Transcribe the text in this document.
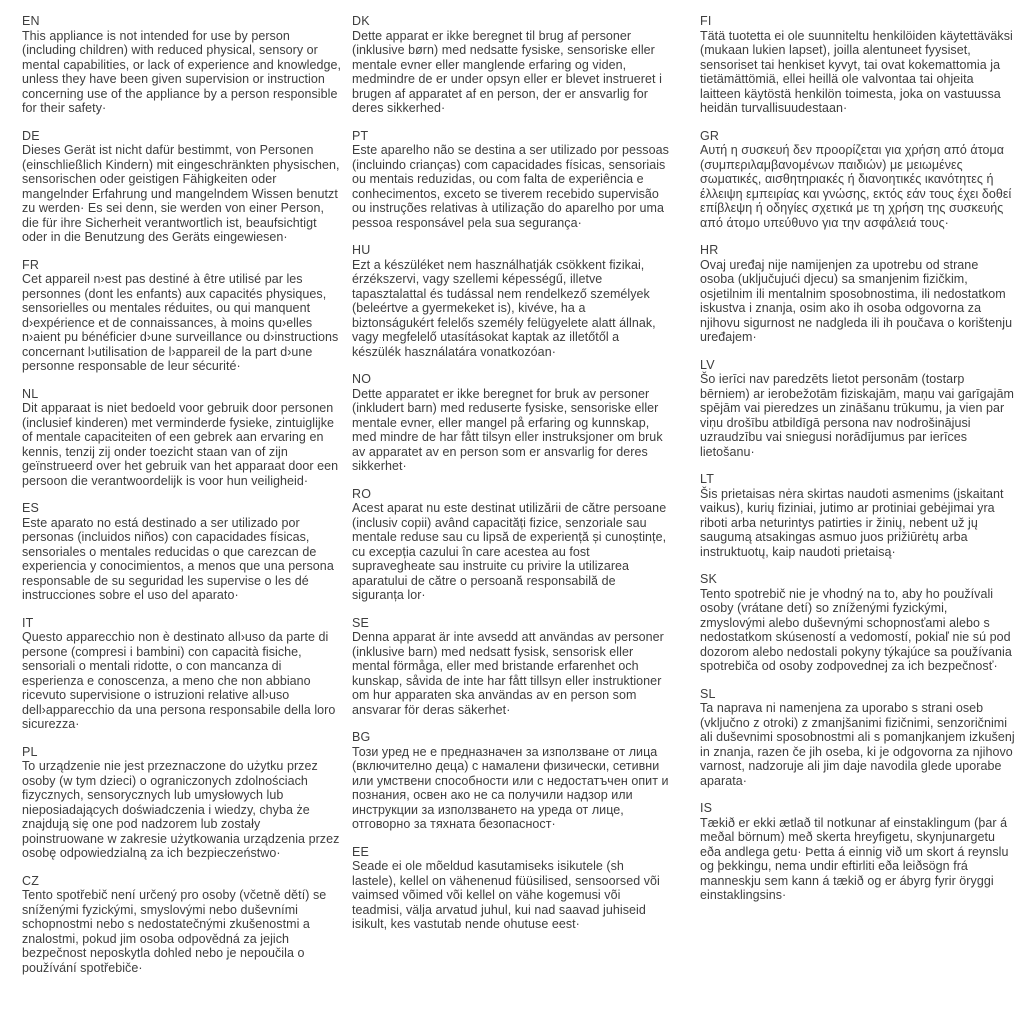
EN
This appliance is not intended for use by person (including children) with reduced physical, sensory or mental capabilities, or lack of experience and knowledge, unless they have been given supervision or instruction concerning use of the appliance by a person responsible for their safety·
DE
Dieses Gerät ist nicht dafür bestimmt, von Personen (einschließlich Kindern) mit eingeschränkten physischen, sensorischen oder geistigen Fähigkeiten oder mangelnder Erfahrung und mangelndem Wissen benutzt zu werden· Es sei denn, sie werden von einer Person, die für ihre Sicherheit verantwortlich ist, beaufsichtigt oder in die Benutzung des Geräts eingewiesen·
FR
Cet appareil n›est pas destiné à être utilisé par les personnes (dont les enfants) aux capacités physiques, sensorielles ou mentales réduites, ou qui manquent d›expérience et de connaissances, à moins qu›elles n›aient pu bénéficier d›une surveillance ou d›instructions concernant l›utilisation de l›appareil de la part d›une personne responsable de leur sécurité·
NL
Dit apparaat is niet bedoeld voor gebruik door personen (inclusief kinderen) met verminderde fysieke, zintuiglijke of mentale capaciteiten of een gebrek aan ervaring en kennis, tenzij zij onder toezicht staan van of zijn geïnstrueerd over het gebruik van het apparaat door een persoon die verantwoordelijk is voor hun veiligheid·
ES
Este aparato no está destinado a ser utilizado por personas (incluidos niños) con capacidades físicas, sensoriales o mentales reducidas o que carezcan de experiencia y conocimientos, a menos que una persona responsable de su seguridad les supervise o les dé instrucciones sobre el uso del aparato·
IT
Questo apparecchio non è destinato all›uso da parte di persone (compresi i bambini) con capacità fisiche, sensoriali o mentali ridotte, o con mancanza di esperienza e conoscenza, a meno che non abbiano ricevuto supervisione o istruzioni relative all›uso dell›apparecchio da una persona responsabile della loro sicurezza·
PL
To urządzenie nie jest przeznaczone do użytku przez osoby (w tym dzieci) o ograniczonych zdolnościach fizycznych, sensorycznych lub umysłowych lub nieposiadających doświadczenia i wiedzy, chyba że znajdują się one pod nadzorem lub zostały poinstruowane w zakresie użytkowania urządzenia przez osobę odpowiedzialną za ich bezpieczeństwo·
CZ
Tento spotřebič není určený pro osoby (včetně dětí) se sníženými fyzickými, smyslovými nebo duševními schopnostmi nebo s nedostatečnými zkušenostmi a znalostmi, pokud jim osoba odpovědná za jejich bezpečnost neposkytla dohled nebo je nepoučila o používání spotřebiče·
DK
Dette apparat er ikke beregnet til brug af personer (inklusive børn) med nedsatte fysiske, sensoriske eller mentale evner eller manglende erfaring og viden, medmindre de er under opsyn eller er blevet instrueret i brugen af apparatet af en person, der er ansvarlig for deres sikkerhed·
PT
Este aparelho não se destina a ser utilizado por pessoas (incluindo crianças) com capacidades físicas, sensoriais ou mentais reduzidas, ou com falta de experiência e conhecimentos, exceto se tiverem recebido supervisão ou instruções relativas à utilização do aparelho por uma pessoa responsável pela sua segurança·
HU
Ezt a készüléket nem használhatják csökkent fizikai, érzékszervi, vagy szellemi képességű, illetve tapasztalattal és tudással nem rendelkező személyek (beleértve a gyermekeket is), kivéve, ha a biztonságukért felelős személy felügyelete alatt állnak, vagy megfelelő utasításokat kaptak az illetőtől a készülék használatára vonatkozóan·
NO
Dette apparatet er ikke beregnet for bruk av personer (inkludert barn) med reduserte fysiske, sensoriske eller mentale evner, eller mangel på erfaring og kunnskap, med mindre de har fått tilsyn eller instruksjoner om bruk av apparatet av en person som er ansvarlig for deres sikkerhet·
RO
Acest aparat nu este destinat utilizării de către persoane (inclusiv copii) având capacități fizice, senzoriale sau mentale reduse sau cu lipsă de experiență și cunoștințe, cu excepția cazului în care acestea au fost supravegheate sau instruite cu privire la utilizarea aparatului de către o persoană responsabilă de siguranța lor·
SE
Denna apparat är inte avsedd att användas av personer (inklusive barn) med nedsatt fysisk, sensorisk eller mental förmåga, eller med bristande erfarenhet och kunskap, såvida de inte har fått tillsyn eller instruktioner om hur apparaten ska användas av en person som ansvarar för deras säkerhet·
BG
Този уред не е предназначен за използване от лица (включително деца) с намалени физически, сетивни или умствени способности или с недостатъчен опит и познания, освен ако не са получили надзор или инструкции за използването на уреда от лице, отговорно за тяхната безопасност·
EE
Seade ei ole mõeldud kasutamiseks isikutele (sh lastele), kellel on vähenenud füüsilised, sensoorsed või vaimsed võimed või kellel on vähe kogemusi või teadmisi, välja arvatud juhul, kui nad saavad juhiseid isikult, kes vastutab nende ohutuse eest·
FI
Tätä tuotetta ei ole suunniteltu henkilöiden käytettäväksi (mukaan lukien lapset), joilla alentuneet fyysiset, sensoriset tai henkiset kyvyt, tai ovat kokemattomia ja tietämättömiä, ellei heillä ole valvontaa tai ohjeita laitteen käytöstä henkilön toimesta, joka on vastuussa heidän turvallisuudestaan·
GR
Αυτή η συσκευή δεν προορίζεται για χρήση από άτομα (συμπεριλαμβανομένων παιδιών) με μειωμένες σωματικές, αισθητηριακές ή διανοητικές ικανότητες ή έλλειψη εμπειρίας και γνώσης, εκτός εάν τους έχει δοθεί επίβλεψη ή οδηγίες σχετικά με τη χρήση της συσκευής από άτομο υπεύθυνο για την ασφάλειά τους·
HR
Ovaj uređaj nije namijenjen za upotrebu od strane osoba (uključujući djecu) sa smanjenim fizičkim, osjetilnim ili mentalnim sposobnostima, ili nedostatkom iskustva i znanja, osim ako ih osoba odgovorna za njihovu sigurnost ne nadgleda ili ih poučava o korištenju uređajem·
LV
Šo ierīci nav paredzēts lietot personām (tostarp bērniem) ar ierobežotām fiziskajām, maņu vai garīgajām spējām vai pieredzes un zināšanu trūkumu, ja vien par viņu drošību atbildīgā persona nav nodrošinājusi uzraudzību vai sniegusi norādījumus par ierīces lietošanu·
LT
Šis prietaisas nėra skirtas naudoti asmenims (įskaitant vaikus), kurių fiziniai, jutimo ar protiniai gebėjimai yra riboti arba neturintys patirties ir žinių, nebent už jų saugumą atsakingas asmuo juos prižiūrėtų arba instruktuotų, kaip naudoti prietaisą·
SK
Tento spotrebič nie je vhodný na to, aby ho používali osoby (vrátane detí) so zníženými fyzickými, zmyslovými alebo duševnými schopnosťami alebo s nedostatkom skúseností a vedomostí, pokiaľ nie sú pod dozorom alebo nedostali pokyny týkajúce sa používania spotrebiča od osoby zodpovednej za ich bezpečnosť·
SL
Ta naprava ni namenjena za uporabo s strani oseb (vključno z otroki) z zmanjšanimi fizičnimi, senzoričnimi ali duševnimi sposobnostmi ali s pomanjkanjem izkušenj in znanja, razen če jih oseba, ki je odgovorna za njihovo varnost, nadzoruje ali jim daje navodila glede uporabe aparata·
IS
Tækið er ekki ætlað til notkunar af einstaklingum (þar á meðal börnum) með skerta hreyfigetu, skynjunargetu eða andlega getu· Þetta á einnig við um skort á reynslu og þekkingu, nema undir eftirliti eða leiðsögn frá manneskju sem kann á tækið og er ábyrg fyrir öryggi einstaklingsins·
